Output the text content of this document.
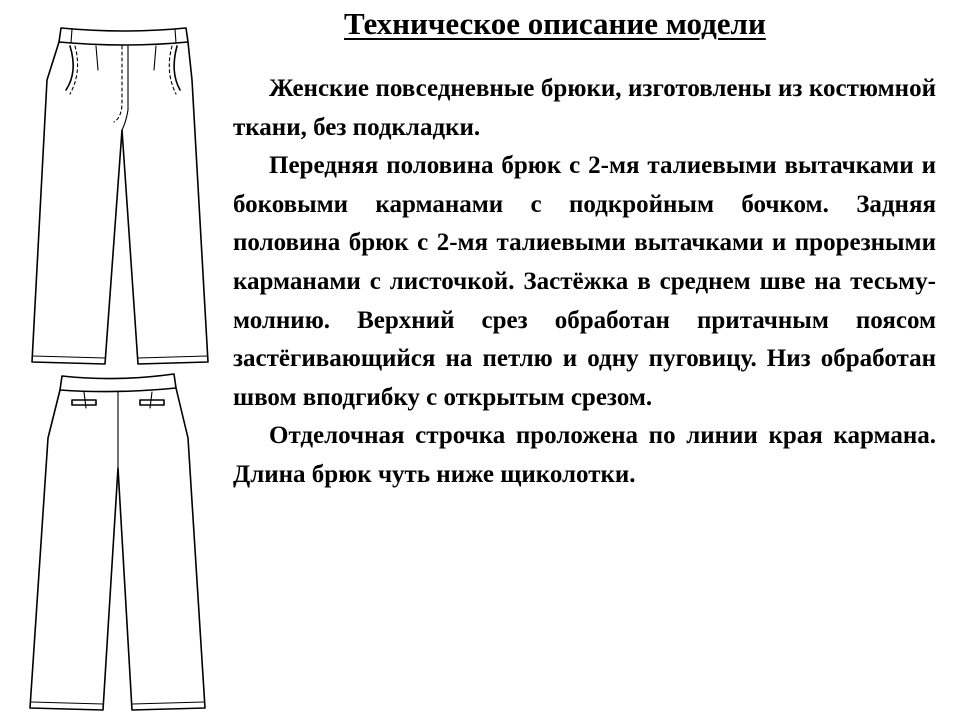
Техническое описание модели

Женские повседневные брюки, изготовлены из костюмной ткани, без подкладки.

Передняя половина брюк с 2-мя талиевыми вытачками и боковыми карманами с подкройным бочком. Задняя половина брюк с 2-мя талиевыми вытачками и прорезными карманами с листочкой. Застёжка в среднем шве на тесьму-молнию. Верхний срез обработан притачным поясом застёгивающийся на петлю и одну пуговицу. Низ обработан швом вподгибку с открытым срезом.

Отделочная строчка проложена по линии края кармана. Длина брюк чуть ниже щиколотки.
